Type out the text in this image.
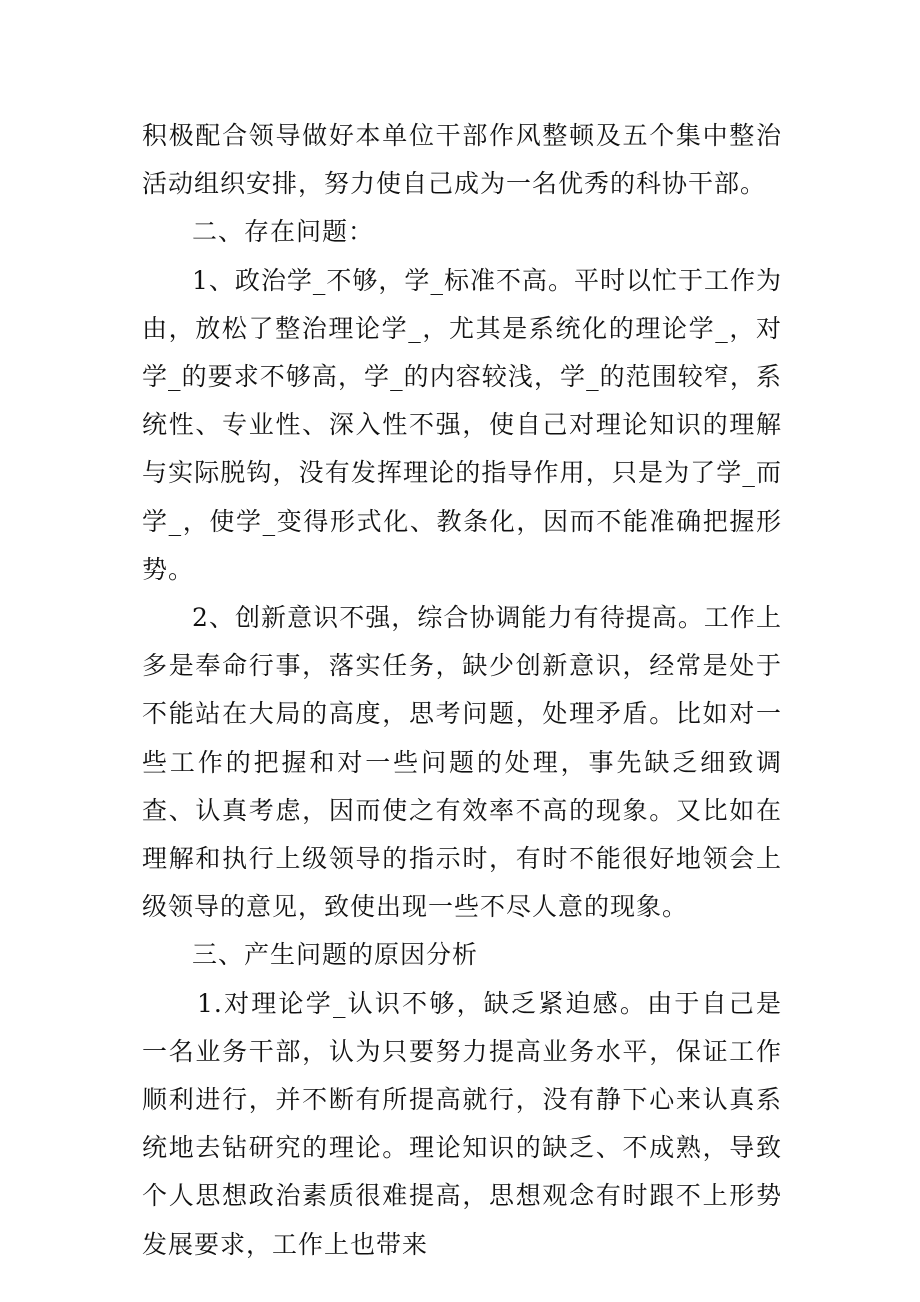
积极配合领导做好本单位干部作风整顿及五个集中整治活动组织安排，努力使自己成为一名优秀的科协干部。

二、存在问题：

1、政治学_不够，学_标准不高。平时以忙于工作为由，放松了整治理论学_，尤其是系统化的理论学_，对学_的要求不够高，学_的内容较浅，学_的范围较窄，系统性、专业性、深入性不强，使自己对理论知识的理解与实际脱钩，没有发挥理论的指导作用，只是为了学_而学_，使学_变得形式化、教条化，因而不能准确把握形势。

2、创新意识不强，综合协调能力有待提高。工作上多是奉命行事，落实任务，缺少创新意识，经常是处于不能站在大局的高度，思考问题，处理矛盾。比如对一些工作的把握和对一些问题的处理，事先缺乏细致调查、认真考虑，因而使之有效率不高的现象。又比如在理解和执行上级领导的指示时，有时不能很好地领会上级领导的意见，致使出现一些不尽人意的现象。

三、产生问题的原因分析

1.对理论学_认识不够，缺乏紧迫感。由于自己是一名业务干部，认为只要努力提高业务水平，保证工作顺利进行，并不断有所提高就行，没有静下心来认真系统地去钻研究的理论。理论知识的缺乏、不成熟，导致个人思想政治素质很难提高，思想观念有时跟不上形势发展要求，工作上也带来
